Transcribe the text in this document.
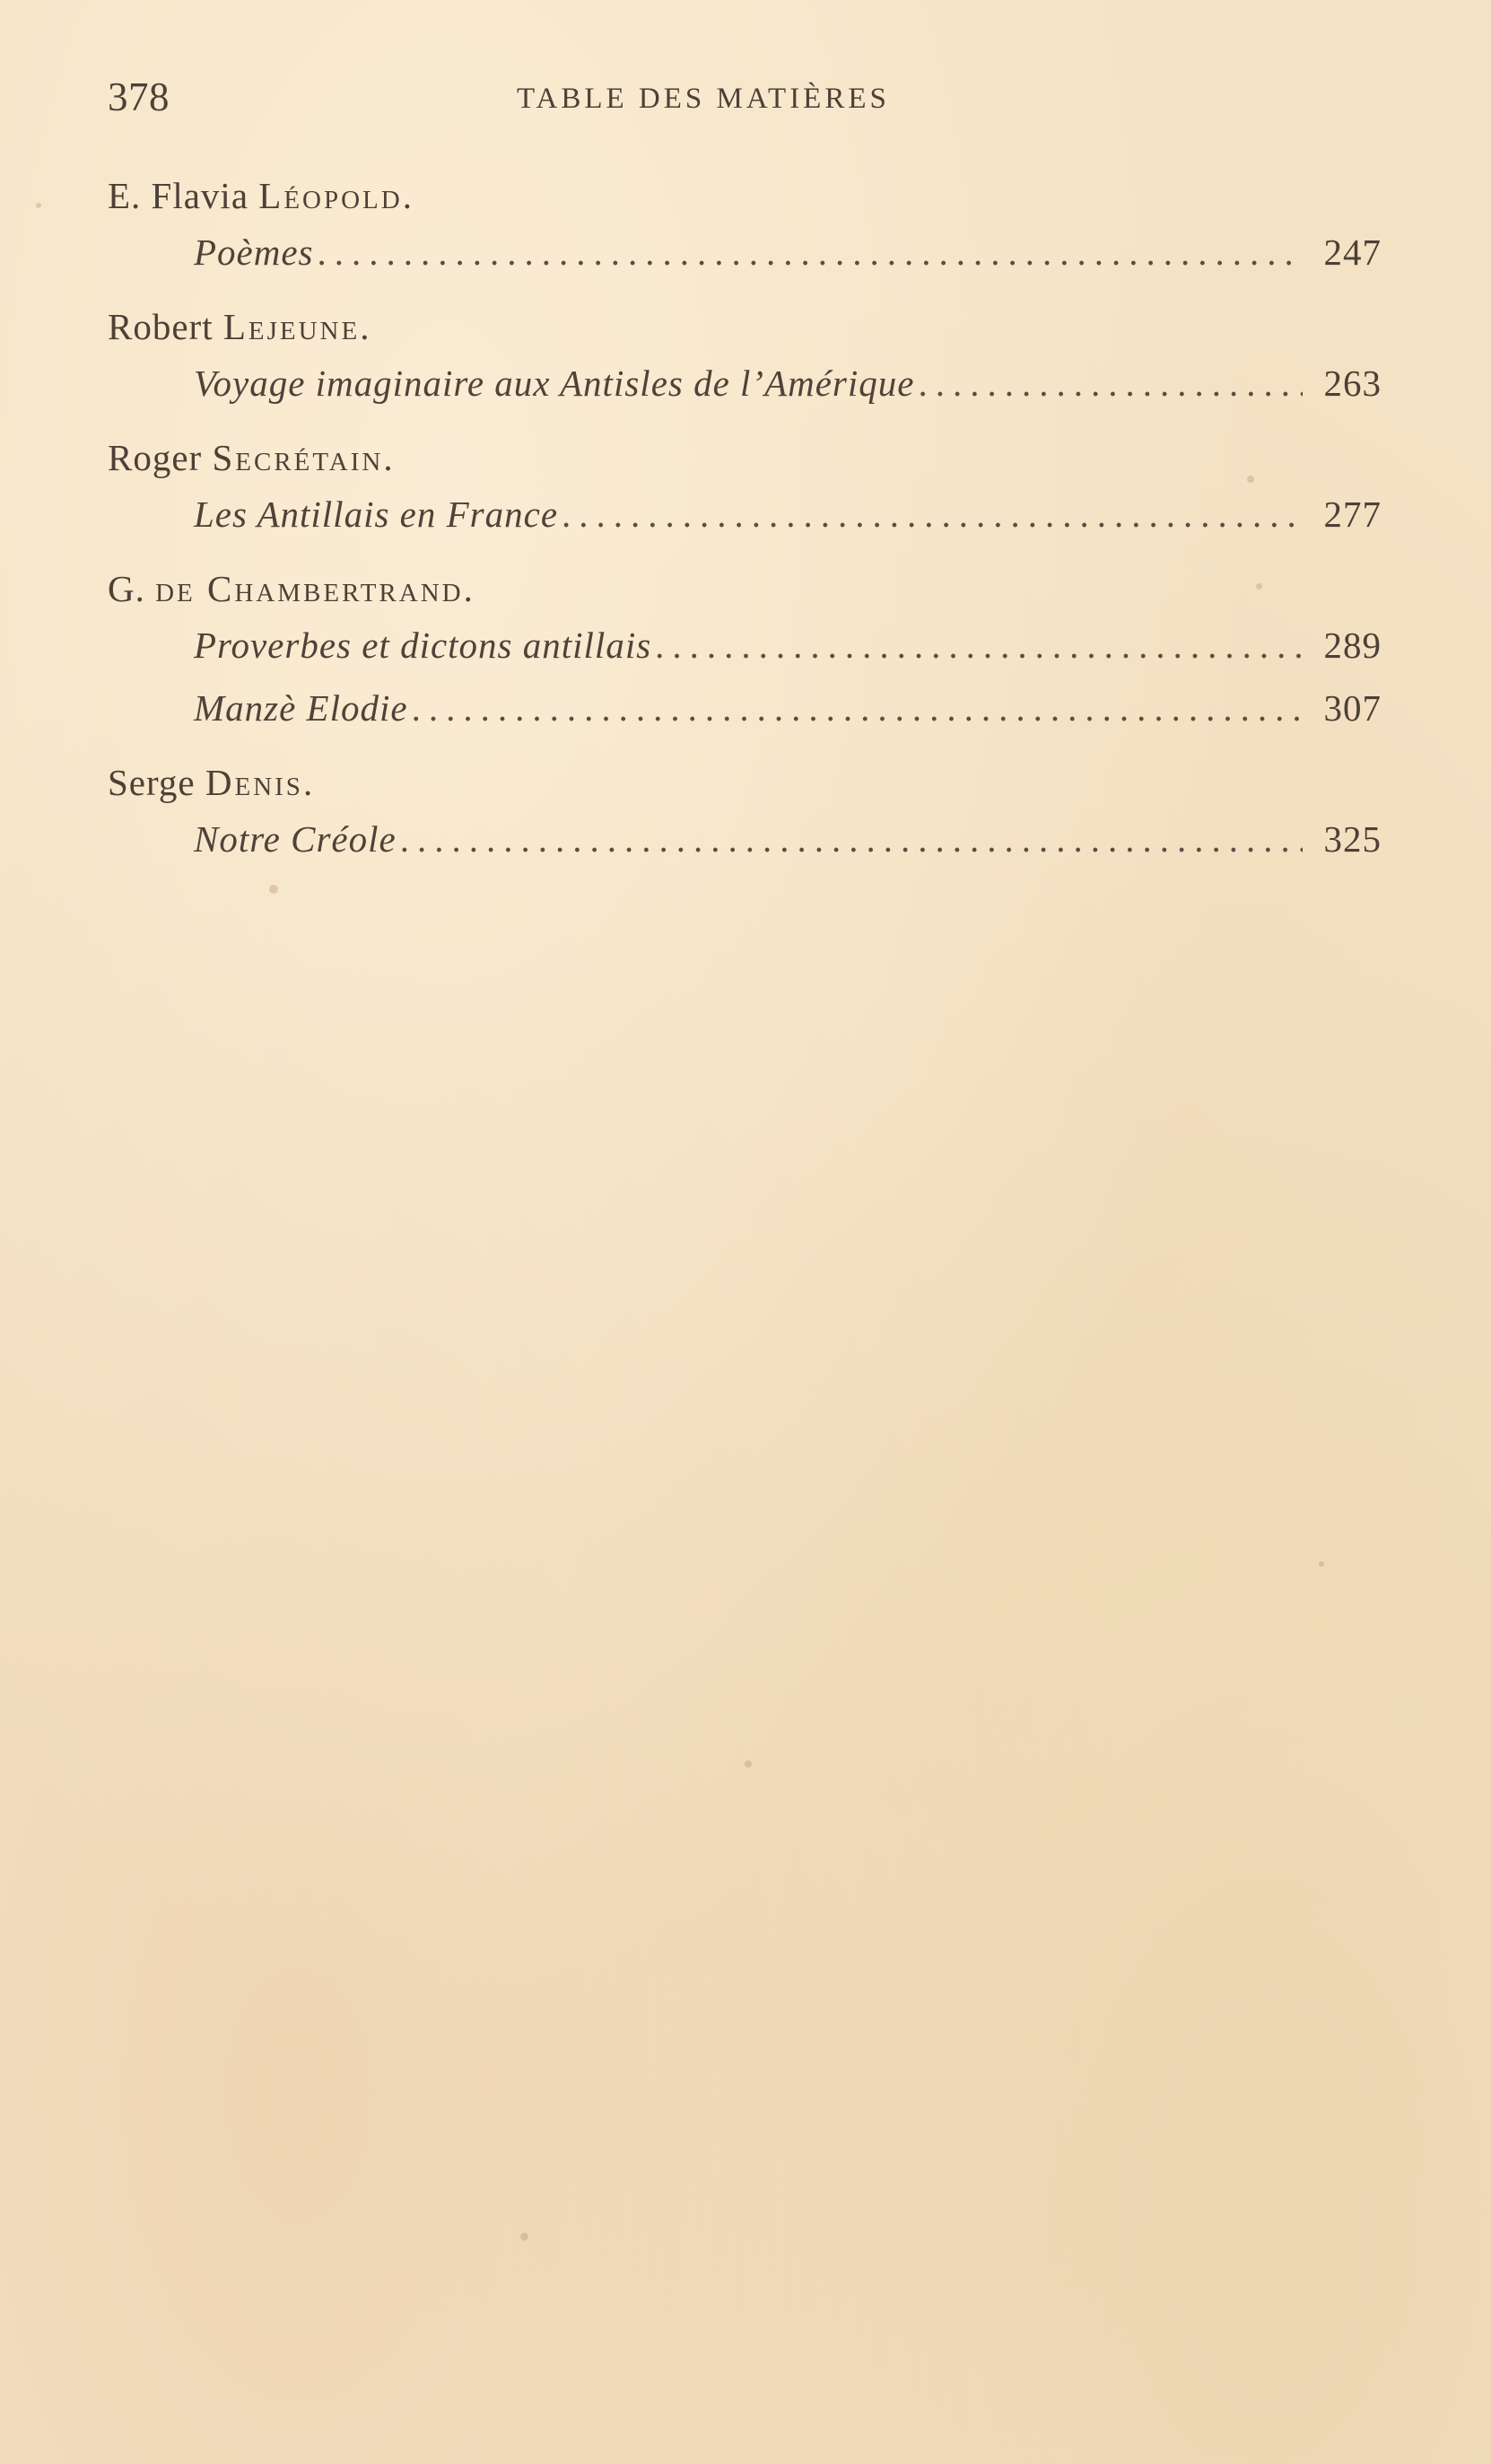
378	TABLE DES MATIÈRES
E. Flavia Léopold.
Poèmes .....	247
Robert Lejeune.
Voyage imaginaire aux Antisles de l’Amérique .....	263
Roger Secrétain.
Les Antillais en France .....	277
G. de Chambertrand.
Proverbes et dictons antillais .....	289
Manzè Elodie .....	307
Serge Denis.
Notre Créole .....	325
